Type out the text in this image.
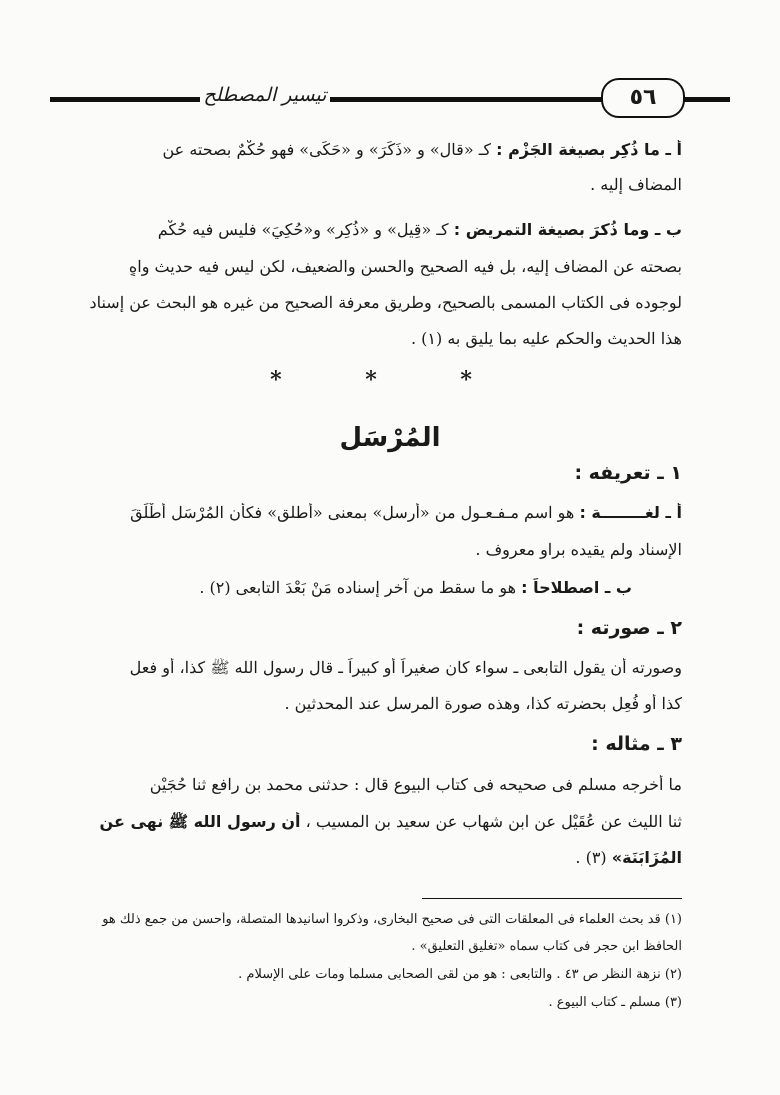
تيسير المصطلح	٥٦
أ ـ ما ذُكِر بصيغة الجَزْم : كـ «قال» و «ذَكَرَ» و «حَكَى» فهو حُكْمٌ بصحته عن
المضاف إليه .
ب ـ وما ذُكرَ بصيغة التمريض : كـ «قِيل» و «ذُكِر» و«حُكِيَ» فليس فيه حُكْم
بصحته عن المضاف إليه، بل فيه الصحيح والحسن والضعيف، لكن ليس فيه حديث واهٍ
لوجوده فى الكتاب المسمى بالصحيح، وطريق معرفة الصحيح من غيره هو البحث عن إسناد
هذا الحديث والحكم عليه بما يليق به (١) .
* * *
المُرْسَل
١ ـ تعريفه :
أ ـ لغــــــــة : هو اسم مـفـعـول من «أرسل» بمعنى «أطلق» فكأن المُرْسَل أَطْلَقَ
الإسناد ولم يقيده براوٍ معروف .
ب ـ اصطلاحاً : هو ما سقط من آخر إسناده مَنْ بَعْدَ التابعى (٢) .
٢ ـ صورته :
وصورته أن يقول التابعى ـ سواء كان صغيراً أو كبيراً ـ قال رسول الله ﷺ كذا، أو فعل
كذا أو فُعِل بحضرته كذا، وهذه صورة المرسل عند المحدثين .
٣ ـ مثاله :
ما أخرجه مسلم فى صحيحه فى كتاب البيوع قال : حدثنى محمد بن رافع ثنا حُجَيْن
ثنا الليث عن عُقَيْل عن ابن شهاب عن سعيد بن المسيب ، أن رسول الله ﷺ نهى عن
المُزَابَنَة» (٣) .
(١) قد بحث العلماء فى المعلقات التى فى صحيح البخارى، وذكروا أسانيدها المتصلة، وأحسن من جمع ذلك هو
الحافظ ابن حجر فى كتاب سماه «تغليق التعليق» .
(٢) نزهة النظر ص ٤٣ . والتابعى : هو من لقى الصحابى مسلماً ومات على الإسلام .
(٣) مسلم ـ كتاب البيوع .
